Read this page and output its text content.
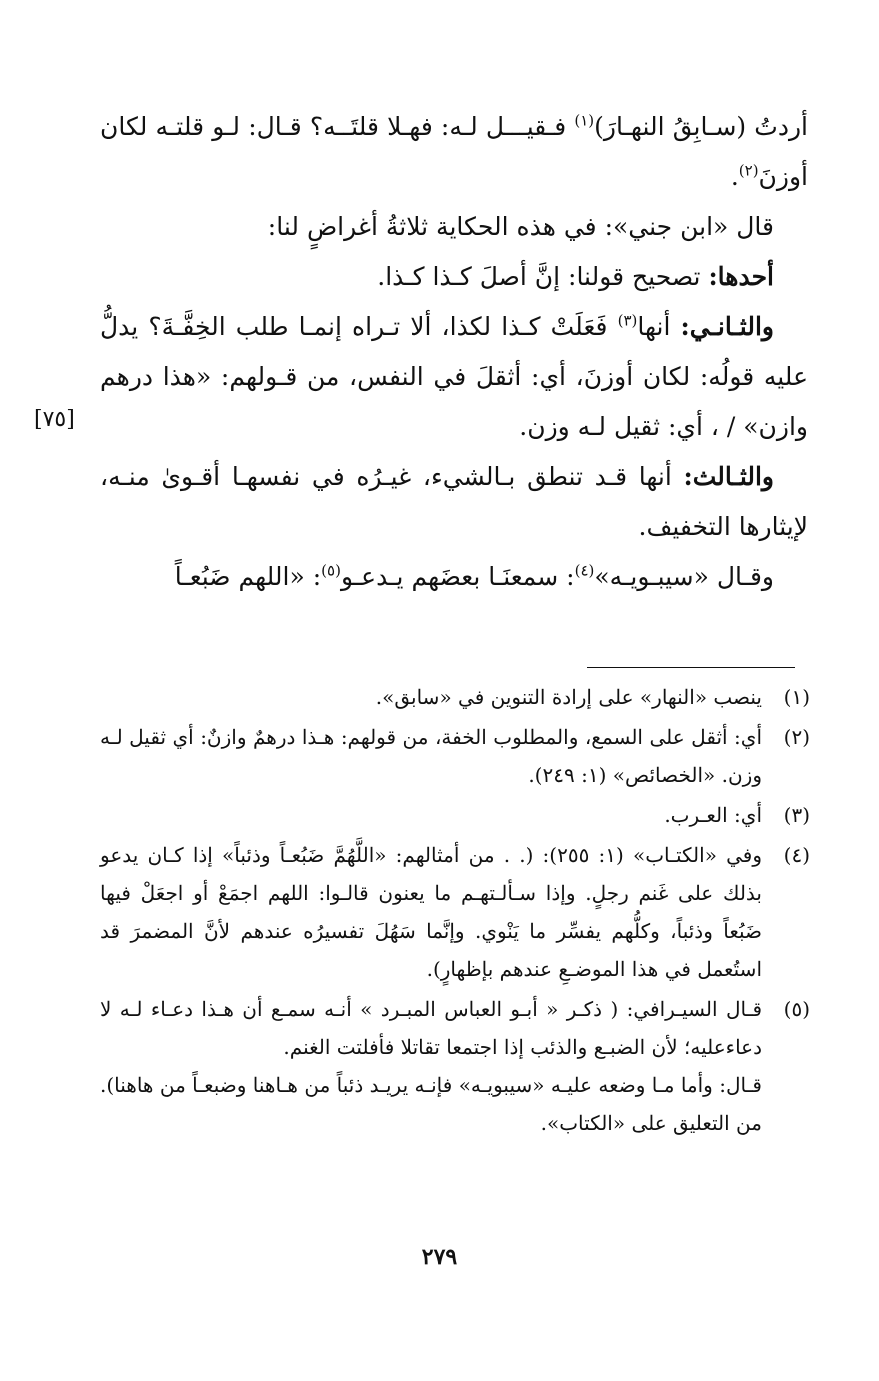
[٧٥]

أردتُ (سـابِقُ النهـارَ)$^{(١)}$ فـقيـــل لـه: فهـلا قلتَــه؟ قـال: لـو قلتـه لكان أوزنَ$^{(٢)}$.

قال «ابن جني»: في هذه الحكاية ثلاثةُ أغراضٍ لنا:

أحدها: تصحيح قولنا: إنَّ أصلَ كـذا كـذا.

والثـانـي: أنها$^{(٣)}$ فَعَلَتْ كـذا لكذا، ألا تـراه إنمـا طلب الخِفَّـةَ؟ يدلُّ عليه قولُه: لكان أوزنَ، أي: أثقلَ في النفس، من قـولهم: «هذا درهم وازن» / ، أي: ثقيل لـه وزن.

والثـالث: أنها قـد تنطق بـالشيء، غيـرُه في نفسهـا أقـوىٰ منـه، لإيثارها التخفيف.

وقـال «سيبـويـه»$^{(٤)}$: سمعنَـا بعضَهم يـدعـو$^{(٥)}$: «اللهم ضَبُعـاً

(١)

ينصب «النهار» على إرادة التنوين في «سابق».

(٢)

أي: أثقل على السمع، والمطلوب الخفة، من قولهم: هـذا درهمٌ وازنٌ: أي ثقيل لـه وزن. «الخصائص» (١: ٢٤٩).

(٣)

أي: العـرب.

(٤)

وفي «الكتـاب» (١: ٢٥٥): (. . من أمثالهم: «اللَّهُمَّ ضَبُعـاً وذئباً» إذا كـان يدعو بذلك على غَنم رجلٍ. وإذا سـألـتهـم ما يعنون قالـوا: اللهم اجمَعْ أو اجعَلْ فيها ضَبُعاً وذئباً، وكلُّهم يفسِّر ما يَنْوي. وإنَّما سَهُلَ تفسيرُه عندهم لأنَّ المضمرَ قد استُعمل في هذا الموضـعِ عندهم بإظهارٍ).

(٥)

قـال السيـرافي: ( ذكـر « أبـو العباس المبـرد » أنـه سمـع أن هـذا دعـاء لـه لا دعاءعليه؛ لأن الضبـع والذئب إذا اجتمعا تقاتلا فأفلتت الغنم.

قـال: وأما مـا وضعه عليـه «سيبويـه» فإنـه يريـد ذئباً من هـاهنا وضبعـاً من هاهنا). من التعليق على «الكتاب».

٢٧٩
